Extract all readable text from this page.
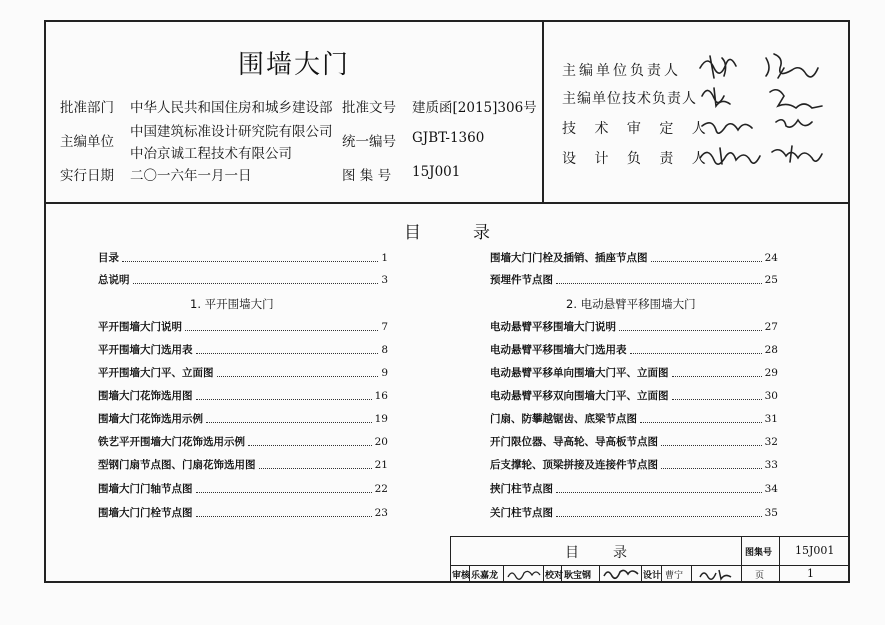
围墙大门
批准部门 中华人民共和国住房和城乡建设部 批准文号 建质函[2015]306号
主编单位
中国建筑标准设计研究院有限公司
中冶京诚工程技术有限公司
统一编号 GJBT-1360
实行日期 二〇一六年一月一日	图 集 号 15J001
主编单位负责人
主编单位技术负责人
技 术 审 定 人
设 计 负 责 人
目	录
目录	1
总说明	3
1. 平开围墙大门
平开围墙大门说明	7
平开围墙大门选用表	8
平开围墙大门平、立面图	9
围墙大门花饰选用图	16
围墙大门花饰选用示例	19
铁艺平开围墙大门花饰选用示例	20
型钢门扇节点图、门扇花饰选用图	21
围墙大门门轴节点图	22
围墙大门门栓节点图	23
围墙大门门栓及插销、插座节点图	24
预埋件节点图	25
2. 电动悬臂平移围墙大门
电动悬臂平移围墙大门说明	27
电动悬臂平移围墙大门选用表	28
电动悬臂平移单向围墙大门平、立面图	29
电动悬臂平移双向围墙大门平、立面图	30
门扇、防攀越锯齿、底梁节点图	31
开门限位器、导高轮、导高板节点图	32
后支撑轮、顶梁拼接及连接件节点图	33
挟门柱节点图	34
关门柱节点图	35
目 录	图集号 15J001
审核 乐嘉龙	校对 耿宝钢	设计 曹宁	页	1
